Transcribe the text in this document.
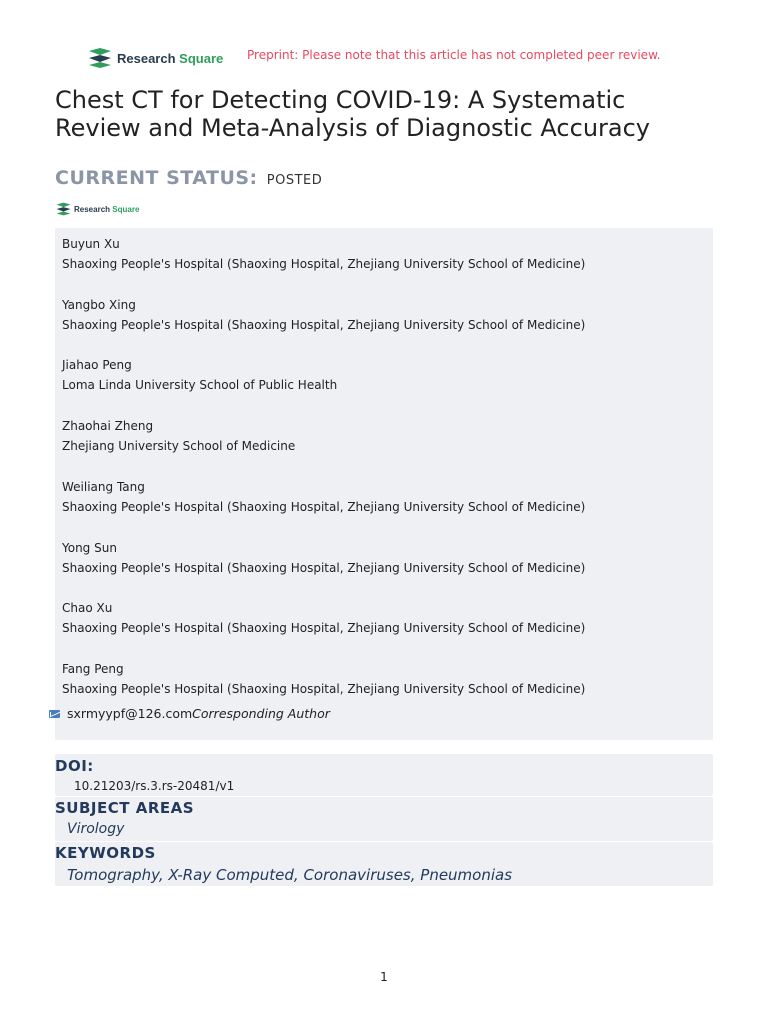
Research Square Preprint: Please note that this article has not completed peer review.
Chest CT for Detecting COVID-19: A Systematic Review and Meta-Analysis of Diagnostic Accuracy
CURRENT STATUS: POSTED
Research Square
Buyun Xu
Shaoxing People's Hospital (Shaoxing Hospital, Zhejiang University School of Medicine)
Yangbo Xing
Shaoxing People's Hospital (Shaoxing Hospital, Zhejiang University School of Medicine)
Jiahao Peng
Loma Linda University School of Public Health
Zhaohai Zheng
Zhejiang University School of Medicine
Weiliang Tang
Shaoxing People's Hospital (Shaoxing Hospital, Zhejiang University School of Medicine)
Yong Sun
Shaoxing People's Hospital (Shaoxing Hospital, Zhejiang University School of Medicine)
Chao Xu
Shaoxing People's Hospital (Shaoxing Hospital, Zhejiang University School of Medicine)
Fang Peng
Shaoxing People's Hospital (Shaoxing Hospital, Zhejiang University School of Medicine)
sxrmyypf@126.com Corresponding Author
DOI:
10.21203/rs.3.rs-20481/v1
SUBJECT AREAS
Virology
KEYWORDS
Tomography, X-Ray Computed, Coronaviruses, Pneumonias
1
